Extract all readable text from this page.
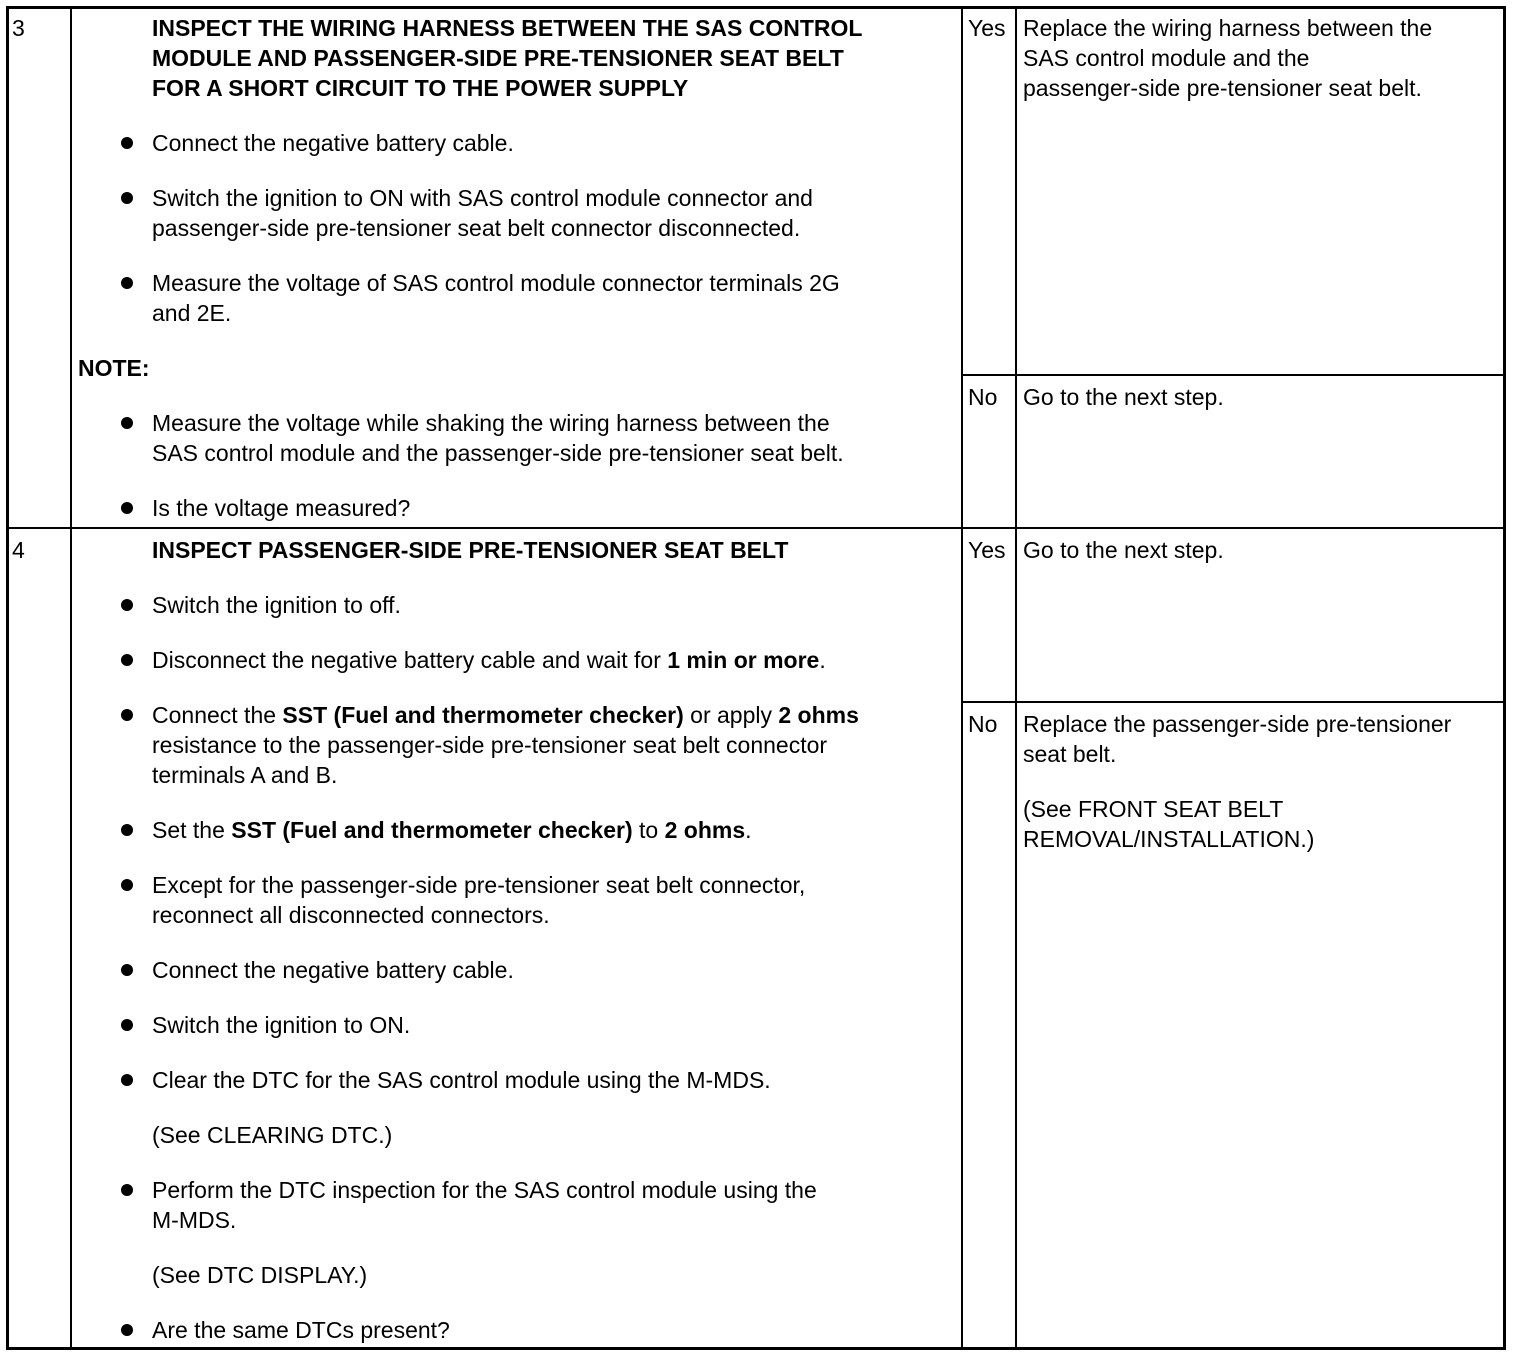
3	INSPECT THE WIRING HARNESS BETWEEN THE SAS CONTROL
MODULE AND PASSENGER-SIDE PRE-TENSIONER SEAT BELT
FOR A SHORT CIRCUIT TO THE POWER SUPPLY
Connect the negative battery cable.
Switch the ignition to ON with SAS control module connector and
passenger-side pre-tensioner seat belt connector disconnected.
Measure the voltage of SAS control module connector terminals 2G
and 2E.
NOTE:
Measure the voltage while shaking the wiring harness between the
SAS control module and the passenger-side pre-tensioner seat belt.
Is the voltage measured?
Yes Replace the wiring harness between the
SAS control module and the
passenger-side pre-tensioner seat belt.
No Go to the next step.
4	INSPECT PASSENGER-SIDE PRE-TENSIONER SEAT BELT
Switch the ignition to off.
Disconnect the negative battery cable and wait for 1 min or more.
Connect the SST (Fuel and thermometer checker) or apply 2 ohms
resistance to the passenger-side pre-tensioner seat belt connector
terminals A and B.
Set the SST (Fuel and thermometer checker) to 2 ohms.
Except for the passenger-side pre-tensioner seat belt connector,
reconnect all disconnected connectors.
Connect the negative battery cable.
Switch the ignition to ON.
Clear the DTC for the SAS control module using the M-MDS.
(See CLEARING DTC.)
Perform the DTC inspection for the SAS control module using the
M-MDS.
(See DTC DISPLAY.)
Are the same DTCs present?
Yes Go to the next step.
No Replace the passenger-side pre-tensioner
seat belt.
(See FRONT SEAT BELT
REMOVAL/INSTALLATION.)
